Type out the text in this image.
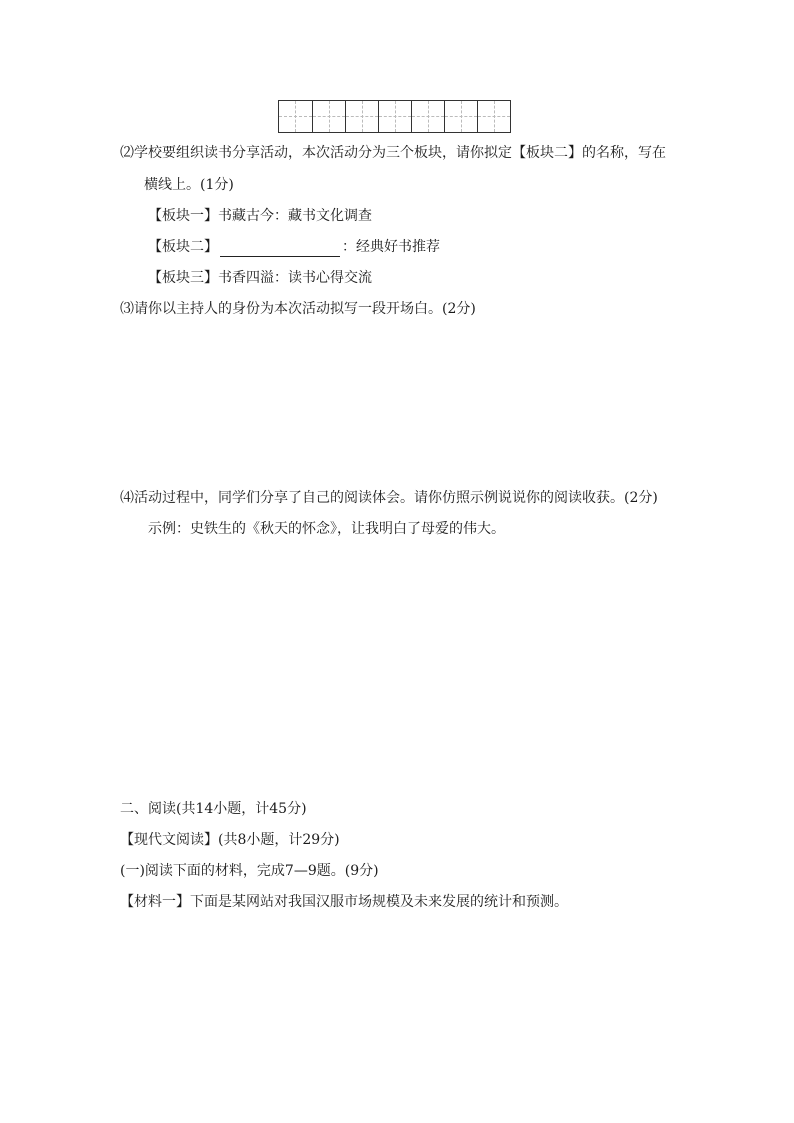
⑵学校要组织读书分享活动，本次活动分为三个板块，请你拟定【板块二】的名称，写在
横线上。(1分)
【板块一】书藏古今：藏书文化调查
【板块二】	：经典好书推荐
【板块三】书香四溢：读书心得交流
⑶请你以主持人的身份为本次活动拟写一段开场白。(2分)
⑷活动过程中，同学们分享了自己的阅读体会。请你仿照示例说说你的阅读收获。(2分)
示例：史铁生的《秋天的怀念》，让我明白了母爱的伟大。
二、阅读(共14小题，计45分)
【现代文阅读】(共8小题，计29分)
(一)阅读下面的材料，完成7—9题。(9分)
【材料一】下面是某网站对我国汉服市场规模及未来发展的统计和预测。
